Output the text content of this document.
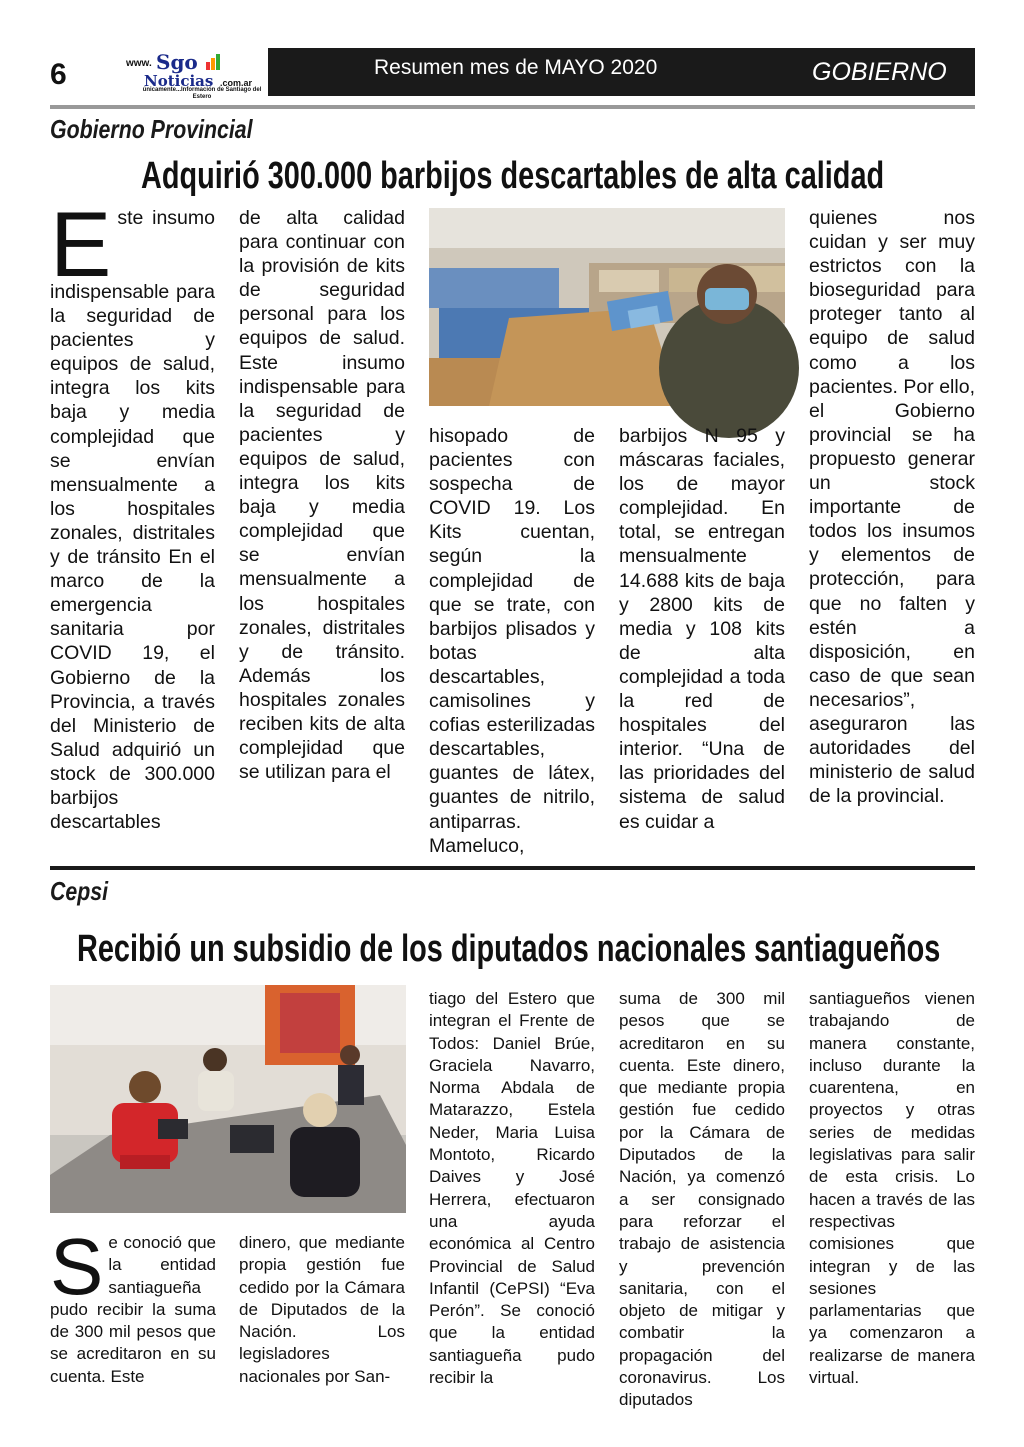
6	www. Sgo
Noticias .com.ar
únicamente...Información de Santiago del Estero
Resumen mes de MAYO 2020	GOBIERNO
Gobierno Provincial
Adquirió 300.000 barbijos descartables de alta calidad
Este insumo indispensable para la seguridad de pacientes y equipos de salud, integra los kits baja y media complejidad que se envían mensualmente a los hospitales zonales, distritales y de tránsito En el marco de la emergencia sanitaria por COVID 19, el Gobierno de la Provincia, a través del Ministerio de Salud adquirió un stock de 300.000 barbijos descartables
de alta calidad para continuar con la provisión de kits de seguridad personal para los equipos de salud. Este insumo indispensable para la seguridad de pacientes y equipos de salud, integra los kits baja y media complejidad que se envían mensualmente a los hospitales zonales, distritales y de tránsito. Además los hospitales zonales reciben kits de alta complejidad que se utilizan para el
hisopado de pacientes con sospecha de COVID 19. Los Kits cuentan, según la complejidad de que se trate, con barbijos plisados y botas descartables, camisolines y cofias esterilizadas descartables, guantes de látex, guantes de nitrilo, antiparras. Mameluco,
barbijos N 95 y máscaras faciales, los de mayor complejidad. En total, se entregan mensualmente 14.688 kits de baja y 2800 kits de media y 108 kits de alta complejidad a toda la red de hospitales del interior. “Una de las prioridades del sistema de salud es cuidar a
quienes nos cuidan y ser muy estrictos con la bioseguridad para proteger tanto al equipo de salud como a los pacientes. Por ello, el Gobierno provincial se ha propuesto generar un stock importante de todos los insumos y elementos de protección, para que no falten y estén a disposición, en caso de que sean necesarios”, aseguraron las autoridades del ministerio de salud de la provincial.
Cepsi
Recibió un subsidio de los diputados nacionales santiagueños
Se conoció que la entidad santiagueña pudo recibir la suma de 300 mil pesos que se acreditaron en su cuenta. Este
dinero, que mediante propia gestión fue cedido por la Cámara de Diputados de la Nación. Los legisladores nacionales por San-
tiago del Estero que integran el Frente de Todos: Daniel Brúe, Graciela Navarro, Norma Abdala de Matarazzo, Estela Neder, Maria Luisa Montoto, Ricardo Daives y José Herrera, efectuaron una ayuda económica al Centro Provincial de Salud Infantil (CePSI) “Eva Perón”. Se conoció que la entidad santiagueña pudo recibir la
suma de 300 mil pesos que se acreditaron en su cuenta. Este dinero, que mediante propia gestión fue cedido por la Cámara de Diputados de la Nación, ya comenzó a ser consignado para reforzar el trabajo de asistencia y prevención sanitaria, con el objeto de mitigar y combatir la propagación del coronavirus. Los diputados
santiagueños vienen trabajando de manera constante, incluso durante la cuarentena, en proyectos y otras series de medidas legislativas para salir de esta crisis. Lo hacen a través de las respectivas comisiones que integran y de las sesiones parlamentarias que ya comenzaron a realizarse de manera virtual.
